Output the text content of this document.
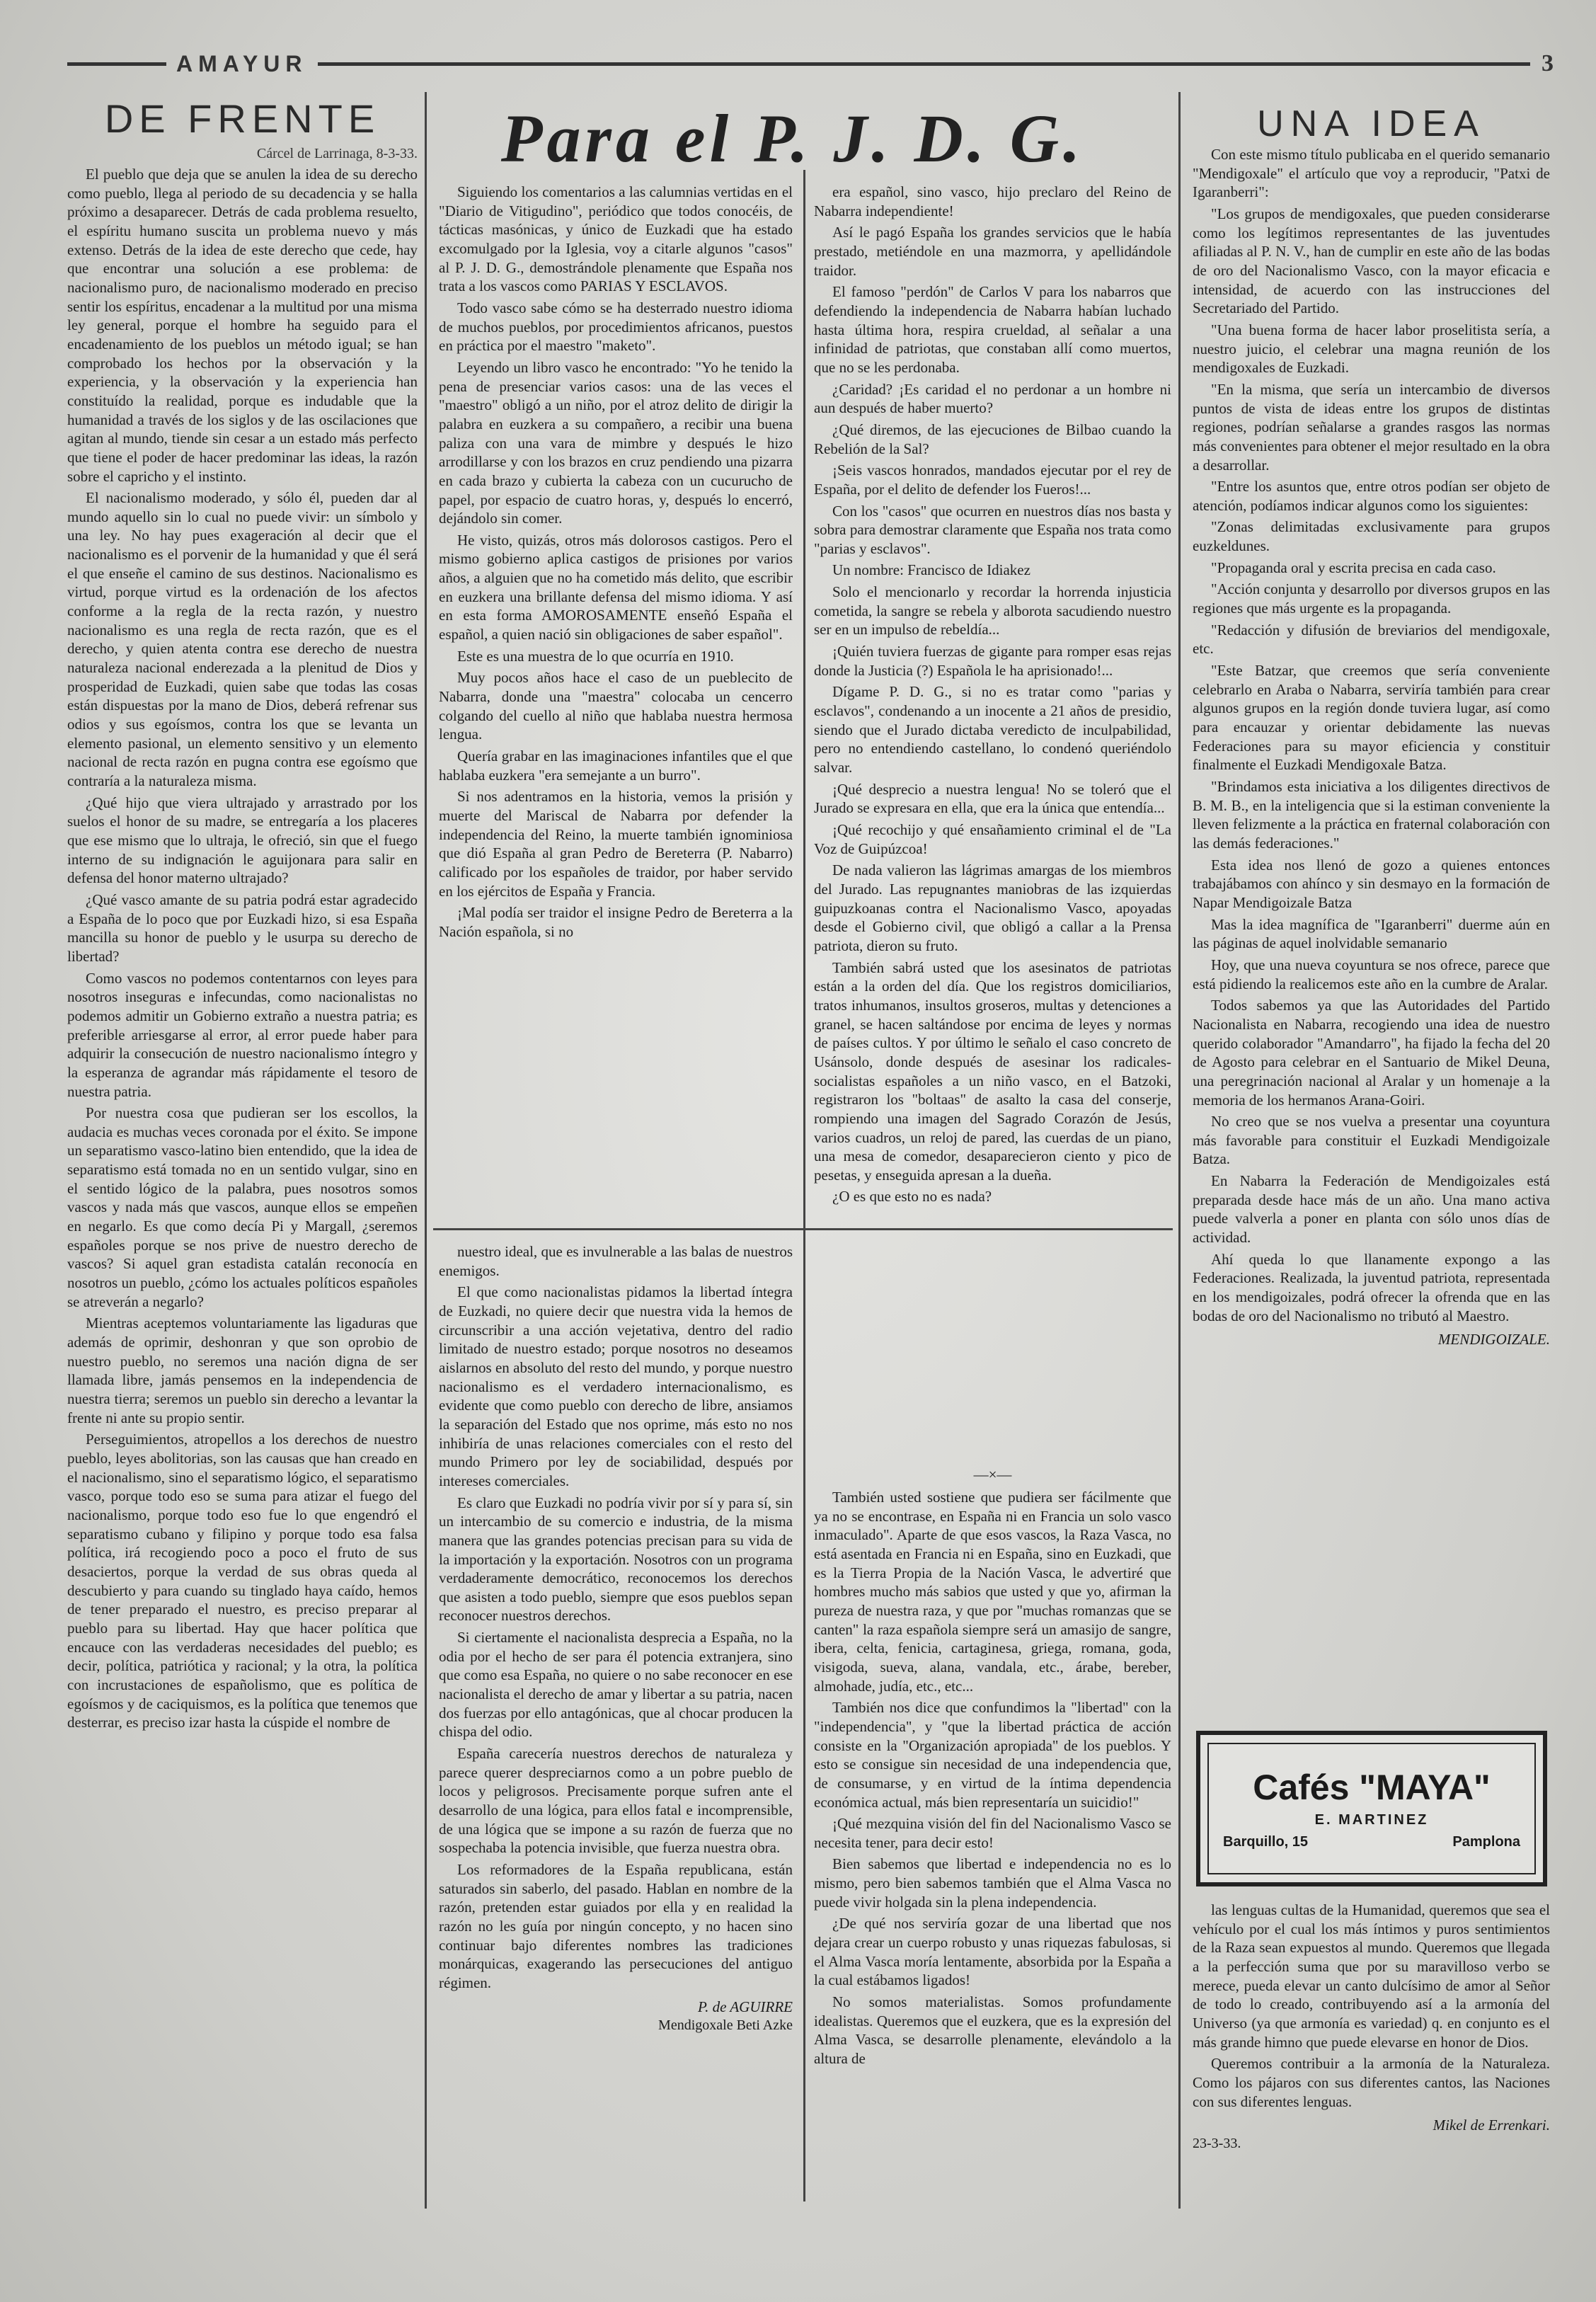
AMAYUR	3
DE FRENTE
Cárcel de Larrinaga, 8-3-33.

El pueblo que deja que se anulen la idea de su derecho como pueblo, llega al periodo de su decadencia y se halla próximo a desaparecer. Detrás de cada problema resuelto, el espíritu humano suscita un problema nuevo y más extenso. Detrás de la idea de este derecho que cede, hay que encontrar una solución a ese problema: de nacionalismo puro, de nacionalismo moderado en preciso sentir los espíritus, encadenar a la multitud por una misma ley general, porque el hombre ha seguido para el encadenamiento de los pueblos un método igual; se han comprobado los hechos por la observación y la experiencia, y la observación y la experiencia han constituído la realidad, porque es indudable que la humanidad a través de los siglos y de las oscilaciones que agitan al mundo, tiende sin cesar a un estado más perfecto que tiene el poder de hacer predominar las ideas, la razón sobre el capricho y el instinto.

El nacionalismo moderado, y sólo él, pueden dar al mundo aquello sin lo cual no puede vivir: un símbolo y una ley. No hay pues exageración al decir que el nacionalismo es el porvenir de la humanidad y que él será el que enseñe el camino de sus destinos. Nacionalismo es virtud, porque virtud es la ordenación de los afectos conforme a la regla de la recta razón, y nuestro nacionalismo es una regla de recta razón, que es el derecho, y quien atenta contra ese derecho de nuestra naturaleza nacional enderezada a la plenitud de Dios y prosperidad de Euzkadi, quien sabe que todas las cosas están dispuestas por la mano de Dios, deberá refrenar sus odios y sus egoísmos, contra los que se levanta un elemento pasional, un elemento sensitivo y un elemento nacional de recta razón en pugna contra ese egoísmo que contraría a la naturaleza misma.

¿Qué hijo que viera ultrajado y arrastrado por los suelos el honor de su madre, se entregaría a los placeres que ese mismo que lo ultraja, le ofreció, sin que el fuego interno de su indignación le aguijonara para salir en defensa del honor materno ultrajado?

¿Qué vasco amante de su patria podrá estar agradecido a España de lo poco que por Euzkadi hizo, si esa España mancilla su honor de pueblo y le usurpa su derecho de libertad?

Como vascos no podemos contentarnos con leyes para nosotros inseguras e infecundas, como nacionalistas no podemos admitir un Gobierno extraño a nuestra patria; es preferible arriesgarse al error, al error puede haber para adquirir la consecución de nuestro nacionalismo íntegro y la esperanza de agrandar más rápidamente el tesoro de nuestra patria.

Por nuestra cosa que pudieran ser los escollos, la audacia es muchas veces coronada por el éxito. Se impone un separatismo vasco-latino bien entendido, que la idea de separatismo está tomada no en un sentido vulgar, sino en el sentido lógico de la palabra, pues nosotros somos vascos y nada más que vascos, aunque ellos se empeñen en negarlo. Es que como decía Pi y Margall, ¿seremos españoles porque se nos prive de nuestro derecho de vascos? Si aquel gran estadista catalán reconocía en nosotros un pueblo, ¿cómo los actuales políticos españoles se atreverán a negarlo?

Mientras aceptemos voluntariamente las ligaduras que además de oprimir, deshonran y que son oprobio de nuestro pueblo, no seremos una nación digna de ser llamada libre, jamás pensemos en la independencia de nuestra tierra; seremos un pueblo sin derecho a levantar la frente ni ante su propio sentir.

Perseguimientos, atropellos a los derechos de nuestro pueblo, leyes abolitorias, son las causas que han creado en el nacionalismo, sino el separatismo lógico, el separatismo vasco, porque todo eso se suma para atizar el fuego del nacionalismo, porque todo eso fue lo que engendró el separatismo cubano y filipino y porque todo esa falsa política, irá recogiendo poco a poco el fruto de sus desaciertos, porque la verdad de sus obras queda al descubierto y para cuando su tinglado haya caído, hemos de tener preparado el nuestro, es preciso preparar al pueblo para su libertad. Hay que hacer política que encauce con las verdaderas necesidades del pueblo; es decir, política, patriótica y racional; y la otra, la política con incrustaciones de españolismo, que es política de egoísmos y de caciquismos, es la política que tenemos que desterrar, es preciso izar hasta la cúspide el nombre de

Para el P. J. D. G.

Siguiendo los comentarios a las calumnias vertidas en el "Diario de Vitigudino", periódico que todos conocéis, de tácticas masónicas, y único de Euzkadi que ha estado excomulgado por la Iglesia, voy a citarle algunos "casos" al P. J. D. G., demostrándole plenamente que España nos trata a los vascos como PARIAS Y ESCLAVOS.

Todo vasco sabe cómo se ha desterrado nuestro idioma de muchos pueblos, por procedimientos africanos, puestos en práctica por el maestro "maketo".

Leyendo un libro vasco he encontrado: "Yo he tenido la pena de presenciar varios casos: una de las veces el "maestro" obligó a un niño, por el atroz delito de dirigir la palabra en euzkera a su compañero, a recibir una buena paliza con una vara de mimbre y después le hizo arrodillarse y con los brazos en cruz pendiendo una pizarra en cada brazo y cubierta la cabeza con un cucurucho de papel, por espacio de cuatro horas, y, después lo encerró, dejándolo sin comer.

He visto, quizás, otros más dolorosos castigos. Pero el mismo gobierno aplica castigos de prisiones por varios años, a alguien que no ha cometido más delito, que escribir en euzkera una brillante defensa del mismo idioma. Y así en esta forma AMOROSAMENTE enseñó España el español, a quien nació sin obligaciones de saber español".

Este es una muestra de lo que ocurría en 1910.

Muy pocos años hace el caso de un pueblecito de Nabarra, donde una "maestra" colocaba un cencerro colgando del cuello al niño que hablaba nuestra hermosa lengua.

Quería grabar en las imaginaciones infantiles que el que hablaba euzkera "era semejante a un burro".

Si nos adentramos en la historia, vemos la prisión y muerte del Mariscal de Nabarra por defender la independencia del Reino, la muerte también ignominiosa que dió España al gran Pedro de Bereterra (P. Nabarro) calificado por los españoles de traidor, por haber servido en los ejércitos de España y Francia.

¡Mal podía ser traidor el insigne Pedro de Bereterra a la Nación española, si no

era español, sino vasco, hijo preclaro del Reino de Nabarra independiente!

Así le pagó España los grandes servicios que le había prestado, metiéndole en una mazmorra, y apellidándole traidor.

El famoso "perdón" de Carlos V para los nabarros que defendiendo la independencia de Nabarra habían luchado hasta última hora, respira crueldad, al señalar a una infinidad de patriotas, que constaban allí como muertos, que no se les perdonaba.

¿Caridad? ¡Es caridad el no perdonar a un hombre ni aun después de haber muerto?

¿Qué diremos, de las ejecuciones de Bilbao cuando la Rebelión de la Sal?

¡Seis vascos honrados, mandados ejecutar por el rey de España, por el delito de defender los Fueros!...

Con los "casos" que ocurren en nuestros días nos basta y sobra para demostrar claramente que España nos trata como "parias y esclavos".

Un nombre: Francisco de Idiakez

Solo el mencionarlo y recordar la horrenda injusticia cometida, la sangre se rebela y alborota sacudiendo nuestro ser en un impulso de rebeldía...

¡Quién tuviera fuerzas de gigante para romper esas rejas donde la Justicia (?) Española le ha aprisionado!...

Dígame P. D. G., si no es tratar como "parias y esclavos", condenando a un inocente a 21 años de presidio, siendo que el Jurado dictaba veredicto de inculpabilidad, pero no entendiendo castellano, lo condenó queriéndolo salvar.

¡Qué desprecio a nuestra lengua! No se toleró que el Jurado se expresara en ella, que era la única que entendía...

¡Qué recochijo y qué ensañamiento criminal el de "La Voz de Guipúzcoa!

De nada valieron las lágrimas amargas de los miembros del Jurado. Las repugnantes maniobras de las izquierdas guipuzkoanas contra el Nacionalismo Vasco, apoyadas desde el Gobierno civil, que obligó a callar a la Prensa patriota, dieron su fruto.

También sabrá usted que los asesinatos de patriotas están a la orden del día. Que los registros domiciliarios, tratos inhumanos, insultos groseros, multas y detenciones a granel, se hacen saltándose por encima de leyes y normas de países cultos. Y por último le señalo el caso concreto de Usánsolo, donde después de asesinar los radicales-socialistas españoles a un niño vasco, en el Batzoki, registraron los "boltaas" de asalto la casa del conserje, rompiendo una imagen del Sagrado Corazón de Jesús, varios cuadros, un reloj de pared, las cuerdas de un piano, una mesa de comedor, desaparecieron ciento y pico de pesetas, y enseguida apresan a la dueña.

¿O es que esto no es nada?

nuestro ideal, que es invulnerable a las balas de nuestros enemigos.

El que como nacionalistas pidamos la libertad íntegra de Euzkadi, no quiere decir que nuestra vida la hemos de circunscribir a una acción vejetativa, dentro del radio limitado de nuestro estado; porque nosotros no deseamos aislarnos en absoluto del resto del mundo, y porque nuestro nacionalismo es el verdadero internacionalismo, es evidente que como pueblo con derecho de libre, ansiamos la separación del Estado que nos oprime, más esto no nos inhibiría de unas relaciones comerciales con el resto del mundo Primero por ley de sociabilidad, después por intereses comerciales.

Es claro que Euzkadi no podría vivir por sí y para sí, sin un intercambio de su comercio e industria, de la misma manera que las grandes potencias precisan para su vida de la importación y la exportación. Nosotros con un programa verdaderamente democrático, reconocemos los derechos que asisten a todo pueblo, siempre que esos pueblos sepan reconocer nuestros derechos.

Si ciertamente el nacionalista desprecia a España, no la odia por el hecho de ser para él potencia extranjera, sino que como esa España, no quiere o no sabe reconocer en ese nacionalista el derecho de amar y libertar a su patria, nacen dos fuerzas por ello antagónicas, que al chocar producen la chispa del odio.

España carecería nuestros derechos de naturaleza y parece querer despreciarnos como a un pobre pueblo de locos y peligrosos. Precisamente porque sufren ante el desarrollo de una lógica, para ellos fatal e incomprensible, de una lógica que se impone a su razón de fuerza que no sospechaba la potencia invisible, que fuerza nuestra obra.

Los reformadores de la España republicana, están saturados sin saberlo, del pasado. Hablan en nombre de la razón, pretenden estar guiados por ella y en realidad la razón no les guía por ningún concepto, y no hacen sino continuar bajo diferentes nombres las tradiciones monárquicas, exagerando las persecuciones del antiguo régimen.

P. de AGUIRRE
Mendigoxale Beti Azke
—×—

También usted sostiene que pudiera ser fácilmente que ya no se encontrase, en España ni en Francia un solo vasco inmaculado". Aparte de que esos vascos, la Raza Vasca, no está asentada en Francia ni en España, sino en Euzkadi, que es la Tierra Propia de la Nación Vasca, le advertiré que hombres mucho más sabios que usted y que yo, afirman la pureza de nuestra raza, y que por "muchas romanzas que se canten" la raza española siempre será un amasijo de sangre, ibera, celta, fenicia, cartaginesa, griega, romana, goda, visigoda, sueva, alana, vandala, etc., árabe, bereber, almohade, judía, etc., etc...

También nos dice que confundimos la "libertad" con la "independencia", y "que la libertad práctica de acción consiste en la "Organización apropiada" de los pueblos. Y esto se consigue sin necesidad de una independencia que, de consumarse, y en virtud de la íntima dependencia económica actual, más bien representaría un suicidio!"

¡Qué mezquina visión del fin del Nacionalismo Vasco se necesita tener, para decir esto!

Bien sabemos que libertad e independencia no es lo mismo, pero bien sabemos también que el Alma Vasca no puede vivir holgada sin la plena independencia.

¿De qué nos serviría gozar de una libertad que nos dejara crear un cuerpo robusto y unas riquezas fabulosas, si el Alma Vasca moría lentamente, absorbida por la España a la cual estábamos ligados!

No somos materialistas. Somos profundamente idealistas. Queremos que el euzkera, que es la expresión del Alma Vasca, se desarrolle plenamente, elevándolo a la altura de

UNA IDEA

Con este mismo título publicaba en el querido semanario "Mendigoxale" el artículo que voy a reproducir, "Patxi de Igaranberri":

"Los grupos de mendigoxales, que pueden considerarse como los legítimos representantes de las juventudes afiliadas al P. N. V., han de cumplir en este año de las bodas de oro del Nacionalismo Vasco, con la mayor eficacia e intensidad, de acuerdo con las instrucciones del Secretariado del Partido.

"Una buena forma de hacer labor proselitista sería, a nuestro juicio, el celebrar una magna reunión de los mendigoxales de Euzkadi.

"En la misma, que sería un intercambio de diversos puntos de vista de ideas entre los grupos de distintas regiones, podrían señalarse a grandes rasgos las normas más convenientes para obtener el mejor resultado en la obra a desarrollar.

"Entre los asuntos que, entre otros podían ser objeto de atención, podíamos indicar algunos como los siguientes:

"Zonas delimitadas exclusivamente para grupos euzkeldunes.

"Propaganda oral y escrita precisa en cada caso.

"Acción conjunta y desarrollo por diversos grupos en las regiones que más urgente es la propaganda.

"Redacción y difusión de breviarios del mendigoxale, etc.

"Este Batzar, que creemos que sería conveniente celebrarlo en Araba o Nabarra, serviría también para crear algunos grupos en la región donde tuviera lugar, así como para encauzar y orientar debidamente las nuevas Federaciones para su mayor eficiencia y constituir finalmente el Euzkadi Mendigoxale Batza.

"Brindamos esta iniciativa a los diligentes directivos de B. M. B., en la inteligencia que si la estiman conveniente la lleven felizmente a la práctica en fraternal colaboración con las demás federaciones."

Esta idea nos llenó de gozo a quienes entonces trabajábamos con ahínco y sin desmayo en la formación de Napar Mendigoizale Batza

Mas la idea magnífica de "Igaranberri" duerme aún en las páginas de aquel inolvidable semanario

Hoy, que una nueva coyuntura se nos ofrece, parece que está pidiendo la realicemos este año en la cumbre de Aralar.

Todos sabemos ya que las Autoridades del Partido Nacionalista en Nabarra, recogiendo una idea de nuestro querido colaborador "Amandarro", ha fijado la fecha del 20 de Agosto para celebrar en el Santuario de Mikel Deuna, una peregrinación nacional al Aralar y un homenaje a la memoria de los hermanos Arana-Goiri.

No creo que se nos vuelva a presentar una coyuntura más favorable para constituir el Euzkadi Mendigoizale Batza.

En Nabarra la Federación de Mendigoizales está preparada desde hace más de un año. Una mano activa puede valverla a poner en planta con sólo unos días de actividad.

Ahí queda lo que llanamente expongo a las Federaciones. Realizada, la juventud patriota, representada en los mendigoizales, podrá ofrecer la ofrenda que en las bodas de oro del Nacionalismo no tributó al Maestro.

MENDIGOIZALE.
Cafés "MAYA"
E. MARTINEZ
Barquillo, 15	Pamplona

las lenguas cultas de la Humanidad, queremos que sea el vehículo por el cual los más íntimos y puros sentimientos de la Raza sean expuestos al mundo. Queremos que llegada a la perfección suma que por su maravilloso verbo se merece, pueda elevar un canto dulcísimo de amor al Señor de todo lo creado, contribuyendo así a la armonía del Universo (ya que armonía es variedad) q. en conjunto es el más grande himno que puede elevarse en honor de Dios.

Queremos contribuir a la armonía de la Naturaleza. Como los pájaros con sus diferentes cantos, las Naciones con sus diferentes lenguas.

Mikel de Errenkari.
23-3-33.
